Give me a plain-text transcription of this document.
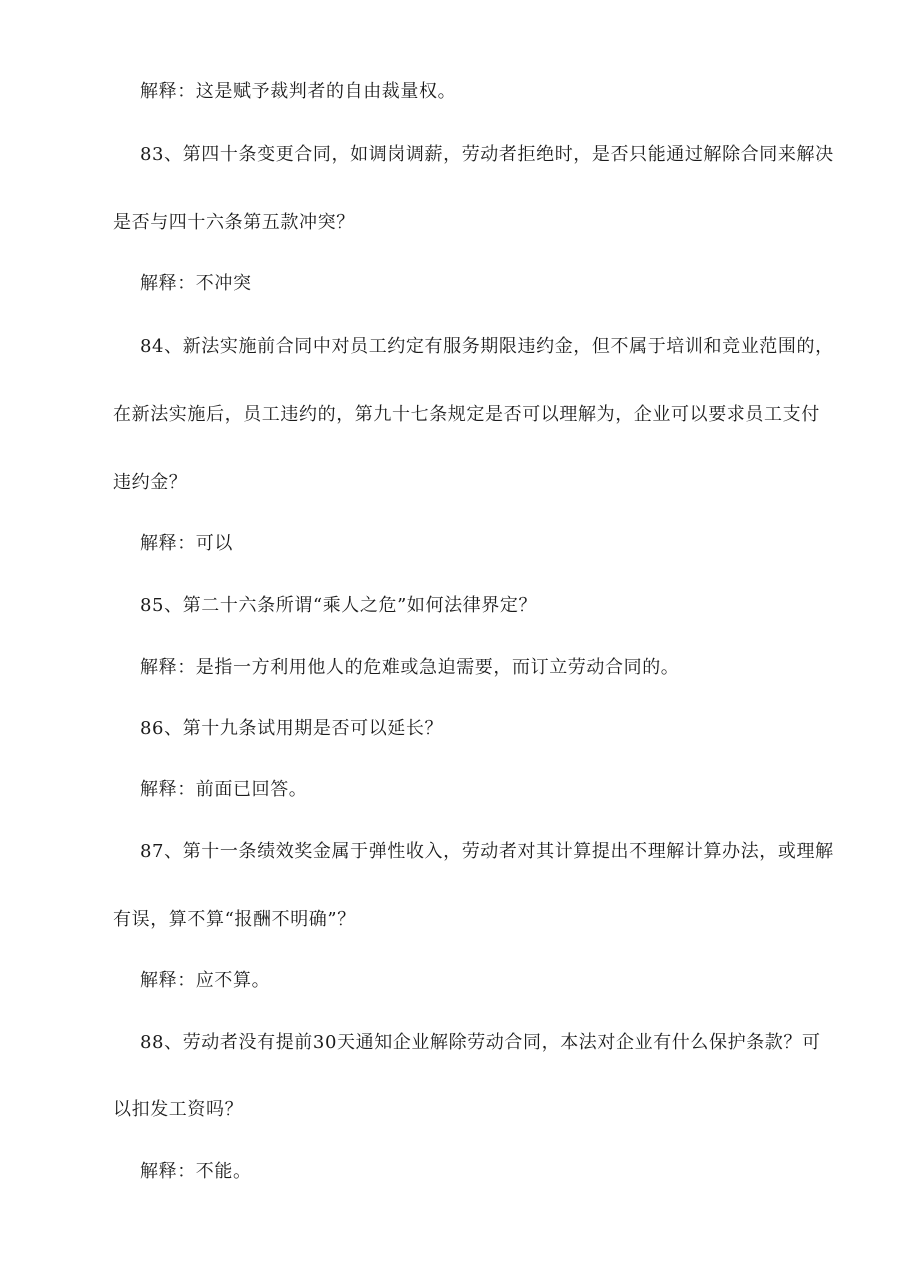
解释：这是赋予裁判者的自由裁量权。
83、第四十条变更合同，如调岗调薪，劳动者拒绝时，是否只能通过解除合同来解决
是否与四十六条第五款冲突？
解释：不冲突
84、新法实施前合同中对员工约定有服务期限违约金，但不属于培训和竞业范围的，
在新法实施后，员工违约的，第九十七条规定是否可以理解为，企业可以要求员工支付
违约金？
解释：可以
85、第二十六条所谓“乘人之危”如何法律界定？
解释：是指一方利用他人的危难或急迫需要，而订立劳动合同的。
86、第十九条试用期是否可以延长？
解释：前面已回答。
87、第十一条绩效奖金属于弹性收入，劳动者对其计算提出不理解计算办法，或理解
有误，算不算“报酬不明确”？
解释：应不算。
88、劳动者没有提前30天通知企业解除劳动合同，本法对企业有什么保护条款？可
以扣发工资吗？
解释：不能。
